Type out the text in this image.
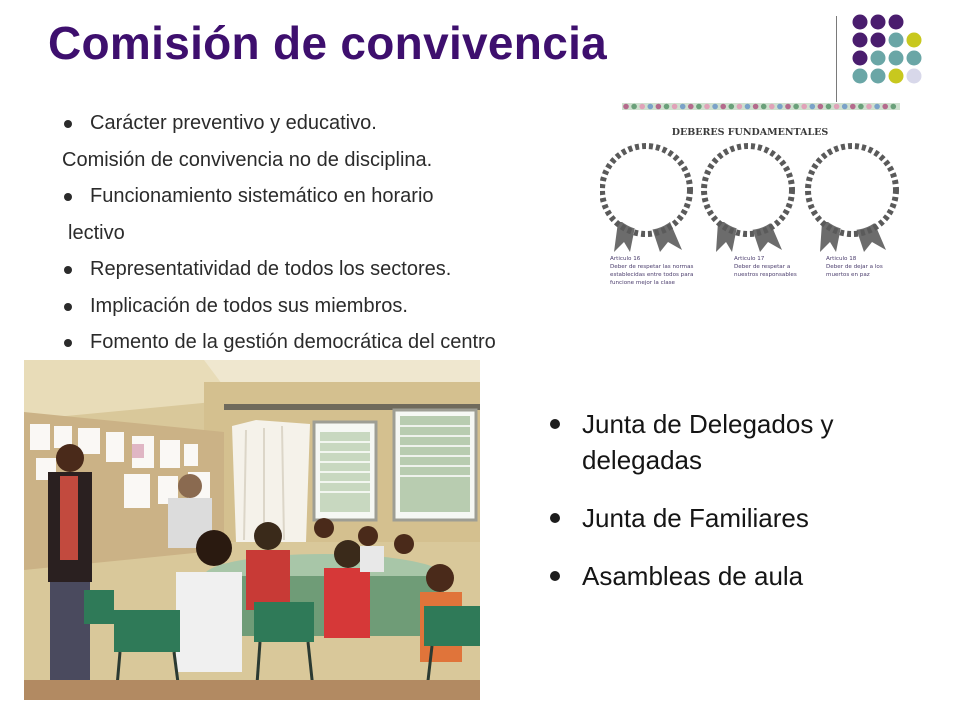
Comisión de convivencia
Carácter preventivo y educativo.
Comisión de convivencia no de disciplina.
Funcionamiento sistemático en horario
lectivo
Representatividad de todos los sectores.
Implicación de todos sus miembros.
Fomento de la gestión democrática del centro
DEBERES FUNDAMENTALES
Articulo 16
Deber de respetar las normas
establecidas entre todos para
funcione mejor la clase
Articulo 17
Deber de respetar a
nuestros responsables
Articulo 18
Deber de dejar a los
muertos en paz
Junta de Delegados y
delegadas
Junta de Familiares
Asambleas de aula
